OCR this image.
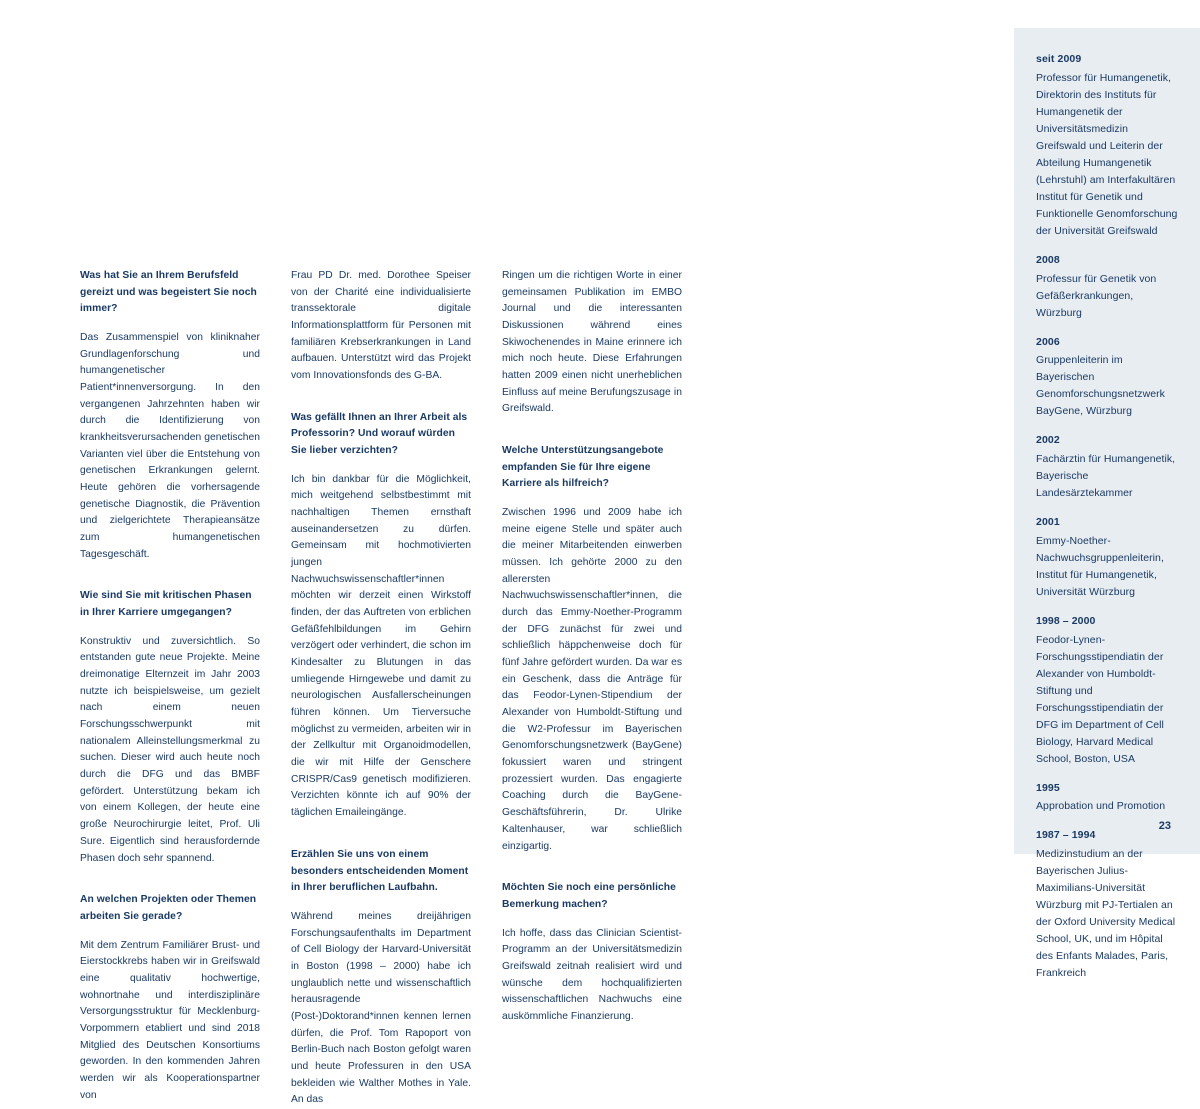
Was hat Sie an Ihrem Berufsfeld gereizt und was begeistert Sie noch immer?

Das Zusammenspiel von kliniknaher Grundlagenforschung und humangenetischer Patient*innenversorgung. In den vergangenen Jahrzehnten haben wir durch die Identifizierung von krankheitsverursachenden genetischen Varianten viel über die Entstehung von genetischen Erkrankungen gelernt. Heute gehören die vorhersagende genetische Diagnostik, die Prävention und zielgerichtete Therapieansätze zum humangenetischen Tagesgeschäft.

Wie sind Sie mit kritischen Phasen in Ihrer Karriere umgegangen?

Konstruktiv und zuversichtlich. So entstanden gute neue Projekte. Meine dreimonatige Elternzeit im Jahr 2003 nutzte ich beispielsweise, um gezielt nach einem neuen Forschungsschwerpunkt mit nationalem Alleinstellungsmerkmal zu suchen. Dieser wird auch heute noch durch die DFG und das BMBF gefördert. Unterstützung bekam ich von einem Kollegen, der heute eine große Neurochirurgie leitet, Prof. Uli Sure. Eigentlich sind herausfordernde Phasen doch sehr spannend.

An welchen Projekten oder Themen arbeiten Sie gerade?

Mit dem Zentrum Familiärer Brust- und Eierstockkrebs haben wir in Greifswald eine qualitativ hochwertige, wohnortnahe und interdisziplinäre Versorgungsstruktur für Mecklenburg-Vorpommern etabliert und sind 2018 Mitglied des Deutschen Konsortiums geworden. In den kommenden Jahren werden wir als Kooperationspartner von

Frau PD Dr. med. Dorothee Speiser von der Charité eine individualisierte transsektorale digitale Informationsplattform für Personen mit familiären Krebserkrankungen in Land aufbauen. Unterstützt wird das Projekt vom Innovationsfonds des G-BA.

Was gefällt Ihnen an Ihrer Arbeit als Professorin? Und worauf würden Sie lieber verzichten?

Ich bin dankbar für die Möglichkeit, mich weitgehend selbstbestimmt mit nachhaltigen Themen ernsthaft auseinandersetzen zu dürfen. Gemeinsam mit hochmotivierten jungen Nachwuchswissenschaftler*innen möchten wir derzeit einen Wirkstoff finden, der das Auftreten von erblichen Gefäßfehlbildungen im Gehirn verzögert oder verhindert, die schon im Kindesalter zu Blutungen in das umliegende Hirngewebe und damit zu neurologischen Ausfallerscheinungen führen können. Um Tierversuche möglichst zu vermeiden, arbeiten wir in der Zellkultur mit Organoidmodellen, die wir mit Hilfe der Genschere CRISPR/Cas9 genetisch modifizieren. Verzichten könnte ich auf 90% der täglichen Emaileingänge.

Erzählen Sie uns von einem besonders entscheidenden Moment in Ihrer beruflichen Laufbahn.

Während meines dreijährigen Forschungsaufenthalts im Department of Cell Biology der Harvard-Universität in Boston (1998 – 2000) habe ich unglaublich nette und wissenschaftlich herausragende (Post-)Doktorand*innen kennen lernen dürfen, die Prof. Tom Rapoport von Berlin-Buch nach Boston gefolgt waren und heute Professuren in den USA bekleiden wie Walther Mothes in Yale. An das

Ringen um die richtigen Worte in einer gemeinsamen Publikation im EMBO Journal und die interessanten Diskussionen während eines Skiwochenendes in Maine erinnere ich mich noch heute. Diese Erfahrungen hatten 2009 einen nicht unerheblichen Einfluss auf meine Berufungszusage in Greifswald.

Welche Unterstützungsangebote empfanden Sie für Ihre eigene Karriere als hilfreich?

Zwischen 1996 und 2009 habe ich meine eigene Stelle und später auch die meiner Mitarbeitenden einwerben müssen. Ich gehörte 2000 zu den allerersten Nachwuchswissenschaftler*innen, die durch das Emmy-Noether-Programm der DFG zunächst für zwei und schließlich häppchenweise doch für fünf Jahre gefördert wurden. Da war es ein Geschenk, dass die Anträge für das Feodor-Lynen-Stipendium der Alexander von Humboldt-Stiftung und die W2-Professur im Bayerischen Genomforschungsnetzwerk (BayGene) fokussiert waren und stringent prozessiert wurden. Das engagierte Coaching durch die BayGene-Geschäftsführerin, Dr. Ulrike Kaltenhauser, war schließlich einzigartig.

Möchten Sie noch eine persönliche Bemerkung machen?

Ich hoffe, dass das Clinician Scientist-Programm an der Universitätsmedizin Greifswald zeitnah realisiert wird und wünsche dem hochqualifizierten wissenschaftlichen Nachwuchs eine auskömmliche Finanzierung.

seit 2009
Professor für Humangenetik, Direktorin des Instituts für Humangenetik der Universitätsmedizin Greifswald und Leiterin der Abteilung Humangenetik (Lehrstuhl) am Interfakultären Institut für Genetik und Funktionelle Genomforschung der Universität Greifswald
2008
Professur für Genetik von Gefäßerkrankungen, Würzburg
2006
Gruppenleiterin im Bayerischen Genomforschungsnetzwerk BayGene, Würzburg
2002
Fachärztin für Humangenetik, Bayerische Landesärztekammer
2001
Emmy-Noether-Nachwuchsgruppenleiterin, Institut für Humangenetik, Universität Würzburg
1998 – 2000
Feodor-Lynen-Forschungsstipendiatin der Alexander von Humboldt-Stiftung und Forschungsstipendiatin der DFG im Department of Cell Biology, Harvard Medical School, Boston, USA
1995
Approbation und Promotion
1987 – 1994
Medizinstudium an der Bayerischen Julius-Maximilians-Universität Würzburg mit PJ-Tertialen an der Oxford University Medical School, UK, und im Hôpital des Enfants Malades, Paris, Frankreich
23
